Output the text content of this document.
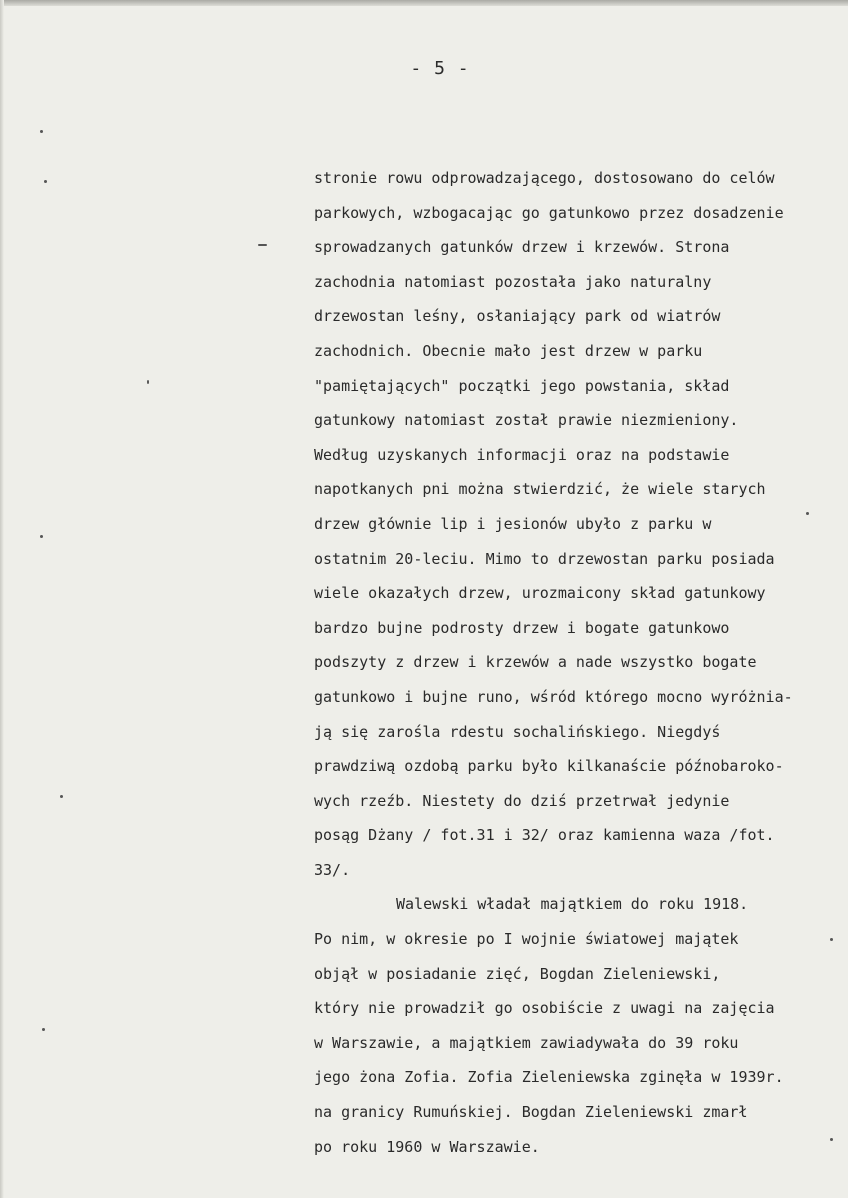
- 5 -
stronie rowu odprowadzającego, dostosowano do celów
parkowych, wzbogacając go gatunkowo przez dosadzenie
sprowadzanych gatunków drzew i krzewów. Strona
zachodnia natomiast pozostała jako naturalny
drzewostan leśny, osłaniający park od wiatrów
zachodnich. Obecnie mało jest drzew w parku
"pamiętających" początki jego powstania, skład
gatunkowy natomiast został prawie niezmieniony.
Według uzyskanych informacji oraz na podstawie
napotkanych pni można stwierdzić, że wiele starych
drzew głównie lip i jesionów ubyło z parku w
ostatnim 20-leciu. Mimo to drzewostan parku posiada
wiele okazałych drzew, urozmaicony skład gatunkowy
bardzo bujne podrosty drzew i bogate gatunkowo
podszyty z drzew i krzewów a nade wszystko bogate
gatunkowo i bujne runo, wśród którego mocno wyróżnia-
ją się zarośla rdestu sochalińskiego. Niegdyś
prawdziwą ozdobą parku było kilkanaście późnobaroko-
wych rzeźb. Niestety do dziś przetrwał jedynie
posąg Dżany / fot.31 i 32/ oraz kamienna waza /fot.
33/.
Walewski władał majątkiem do roku 1918.
Po nim, w okresie po I wojnie światowej majątek
objął w posiadanie zięć, Bogdan Zieleniewski,
który nie prowadził go osobiście z uwagi na zajęcia
w Warszawie, a majątkiem zawiadywała do 39 roku
jego żona Zofia. Zofia Zieleniewska zginęła w 1939r.
na granicy Rumuńskiej. Bogdan Zieleniewski zmarł
po roku 1960 w Warszawie.
